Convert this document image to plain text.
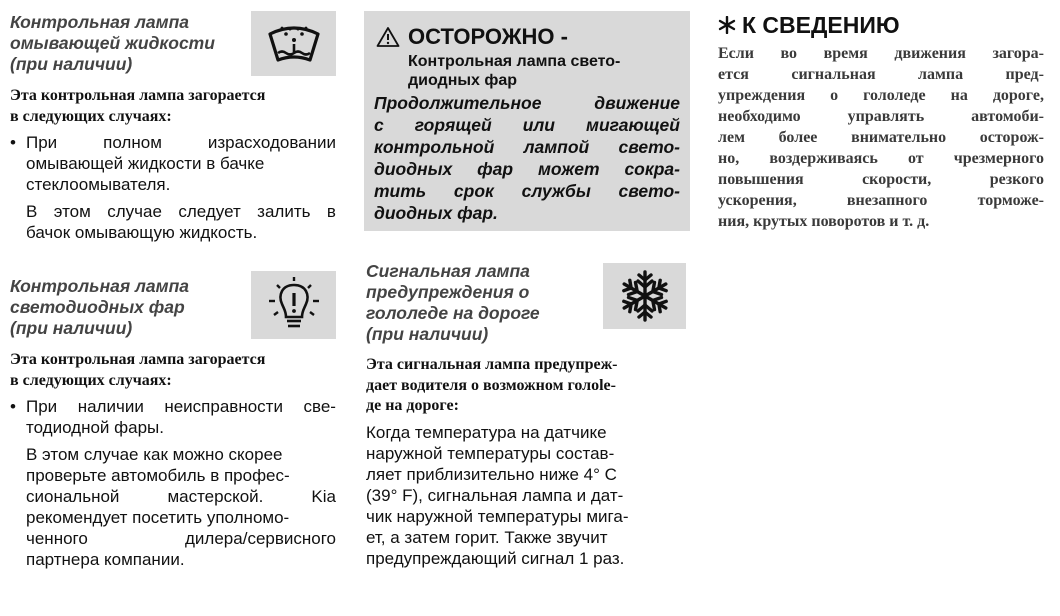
Контрольная лампа
омывающей жидкости
(при наличии)
Эта контрольная лампа загорается
в следующих случаях:
• При	полном	израсходовании
омывающей жидкости в бачке
стеклоомывателя.
В этом случае следует залить в
бачок омывающую жидкость.
Контрольная лампа
светодиодных фар
(при наличии)
Эта контрольная лампа загорается
в следующих случаях:
• При наличии неисправности све-
тодиодной фары.
В этом случае как можно скорее
проверьте автомобиль в профес-
сиональной	мастерской.	Kia
рекомендует посетить уполномо-
ченного	дилера/сервисного
партнера компании.
ОСТОРОЖНО -
Контрольная лампа свето-
диодных фар
Продолжительное	движение
с горящей или мигающей
контрольной лампой свето-
диодных фар может сокра-
тить срок службы свето-
диодных фар.
Сигнальная лампа
предупреждения о
гололеде на дороге
(при наличии)
Эта сигнальная лампа предупреж-
дает водителя о возможном голole-
де на дороге:
Когда температура на датчике
наружной температуры состав-
ляет приблизительно ниже 4° С
(39° F), сигнальная лампа и дат-
чик наружной температуры мига-
ет, а затем горит. Также звучит
предупреждающий сигнал 1 раз.
К СВЕДЕНИЮ
Если во время движения загора-
ется	сигнальная	лампа	пред-
упреждения о гололеде на дороге,
необходимо	управлять	автомоби-
лем более внимательно осторож-
но, воздерживаясь от чрезмерного
повышения	скорости,	резкого
ускорения,	внезапного	торможе-
ния, крутых поворотов и т. д.
